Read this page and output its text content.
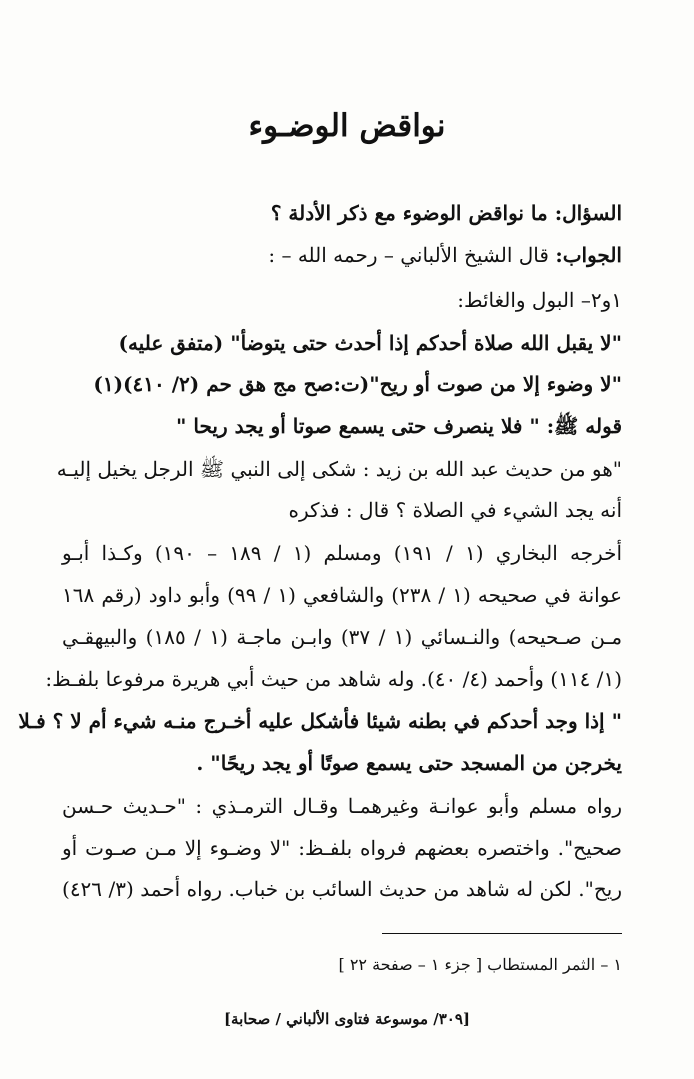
نواقض الوضـوء
السؤال: ما نواقض الوضوء مع ذكر الأدلة ؟
الجواب: قال الشيخ الألباني – رحمه الله – :
١و٢– البول والغائط:
"لا يقبل الله صلاة أحدكم إذا أحدث حتى يتوضأ" (متفق عليه)
"لا وضوء إلا من صوت أو ريح"(ت:صح مج هق حم (٢/ ٤١٠)(١)
قوله ﷺ: " فلا ينصرف حتى يسمع صوتا أو يجد ريحا "
"هو من حديث عبد الله بن زيد : شكى إلى النبي ﷺ الرجل يخيل إليـه
أنه يجد الشيء في الصلاة ؟ قال : فذكره
أخرجه البخاري (١ / ١٩١) ومسلم (١ / ١٨٩ – ١٩٠) وكـذا أبـو
عوانة في صحيحه (١ / ٢٣٨) والشافعي (١ / ٩٩) وأبو داود (رقم ١٦٨
مـن صـحيحه) والنـسائي (١ / ٣٧) وابـن ماجـة (١ / ١٨٥) والبيهقـي
(١/ ١١٤) وأحمد (٤/ ٤٠). وله شاهد من حيث أبي هريرة مرفوعا بلفـظ:
" إذا وجد أحدكم في بطنه شيئا فأشكل عليه أخـرج منـه شيء أم لا ؟ فـلا
يخرجن من المسجد حتى يسمع صوتًا أو يجد ريحًا" .
رواه مسلم وأبو عوانـة وغيرهمـا وقـال الترمـذي : "حـديث حـسن
صحيح". واختصره بعضهم فرواه بلفـظ: "لا وضـوء إلا مـن صـوت أو
ريح". لكن له شاهد من حديث السائب بن خباب. رواه أحمد (٣/ ٤٢٦)
١ – الثمر المستطاب [ جزء ١ – صفحة ٢٢ ]
[٣٠٩/ موسوعة فتاوى الألباني / صحابة]
